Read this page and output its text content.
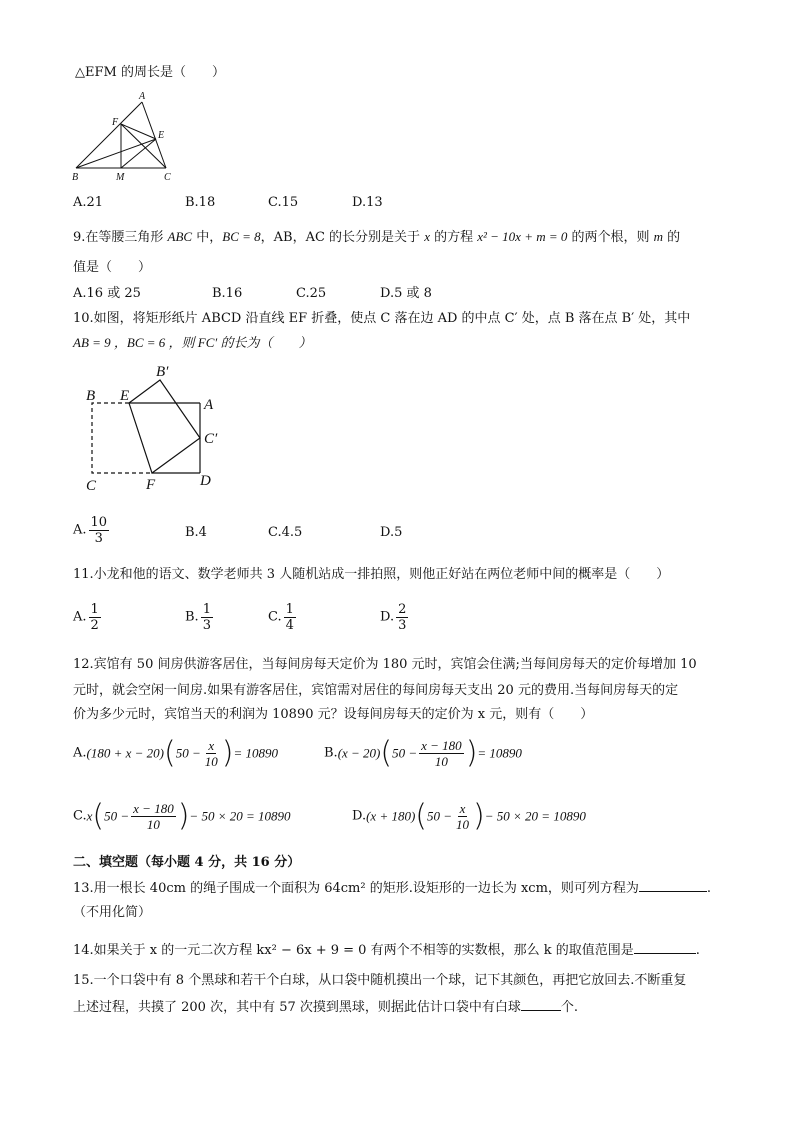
△EFM 的周长是（　　）
A
F
E
B	M	C
A.21	B.18	C.15	D.13
9.在等腰三角形 ABC 中，BC = 8，AB，AC 的长分别是关于 x 的方程 x² − 10x + m = 0 的两个根，则 m 的
值是（　　）
A.16 或 25	B.16	C.25	D.5 或 8
10.如图，将矩形纸片 ABCD 沿直线 EF 折叠，使点 C 落在边 AD 的中点 C′ 处，点 B 落在点 B′ 处，其中
AB = 9 ，BC = 6 ，则 FC′ 的长为（　　）
B E
B′
A
C′
C	F	D
A. $\frac{10}{3}$	B.4	C.4.5	D.5
11.小龙和他的语文、数学老师共 3 人随机站成一排拍照，则他正好站在两位老师中间的概率是（　　）
A. $\frac{1}{2}$	B. $\frac{1}{3}$	C. $\frac{1}{4}$	D. $\frac{2}{3}$
12.宾馆有 50 间房供游客居住，当每间房每天定价为 180 元时，宾馆会住满;当每间房每天的定价每增加 10
元时，就会空闲一间房.如果有游客居住，宾馆需对居住的每间房每天支出 20 元的费用.当每间房每天的定
价为多少元时，宾馆当天的利润为 10890 元？设每间房每天的定价为 x 元，则有（　　）
$A.(180 + x - 20)(50 - \frac{x}{10}$ )= 10890	$B.(x - 20)(50 - \frac{x - 180}{10}$ )= 10890
$C.x(50 - \frac{x - 180}{10}$ )− 50 × 20 = 10890	$D.(x + 180)(50 - \frac{x}{10}$ )− 50 × 20 = 10890
二、填空题（每小题 4 分，共 16 分）
13.用一根长 40cm 的绳子围成一个面积为 64cm² 的矩形.设矩形的一边长为 xcm，则可列方程为	.
（不用化简）
14.如果关于 x 的一元二次方程 kx² − 6x + 9 = 0 有两个不相等的实数根，那么 k 的取值范围是	.
15.一个口袋中有 8 个黑球和若干个白球，从口袋中随机摸出一个球，记下其颜色，再把它放回去.不断重复
上述过程，共摸了 200 次，其中有 57 次摸到黑球，则据此估计口袋中有白球	个.
